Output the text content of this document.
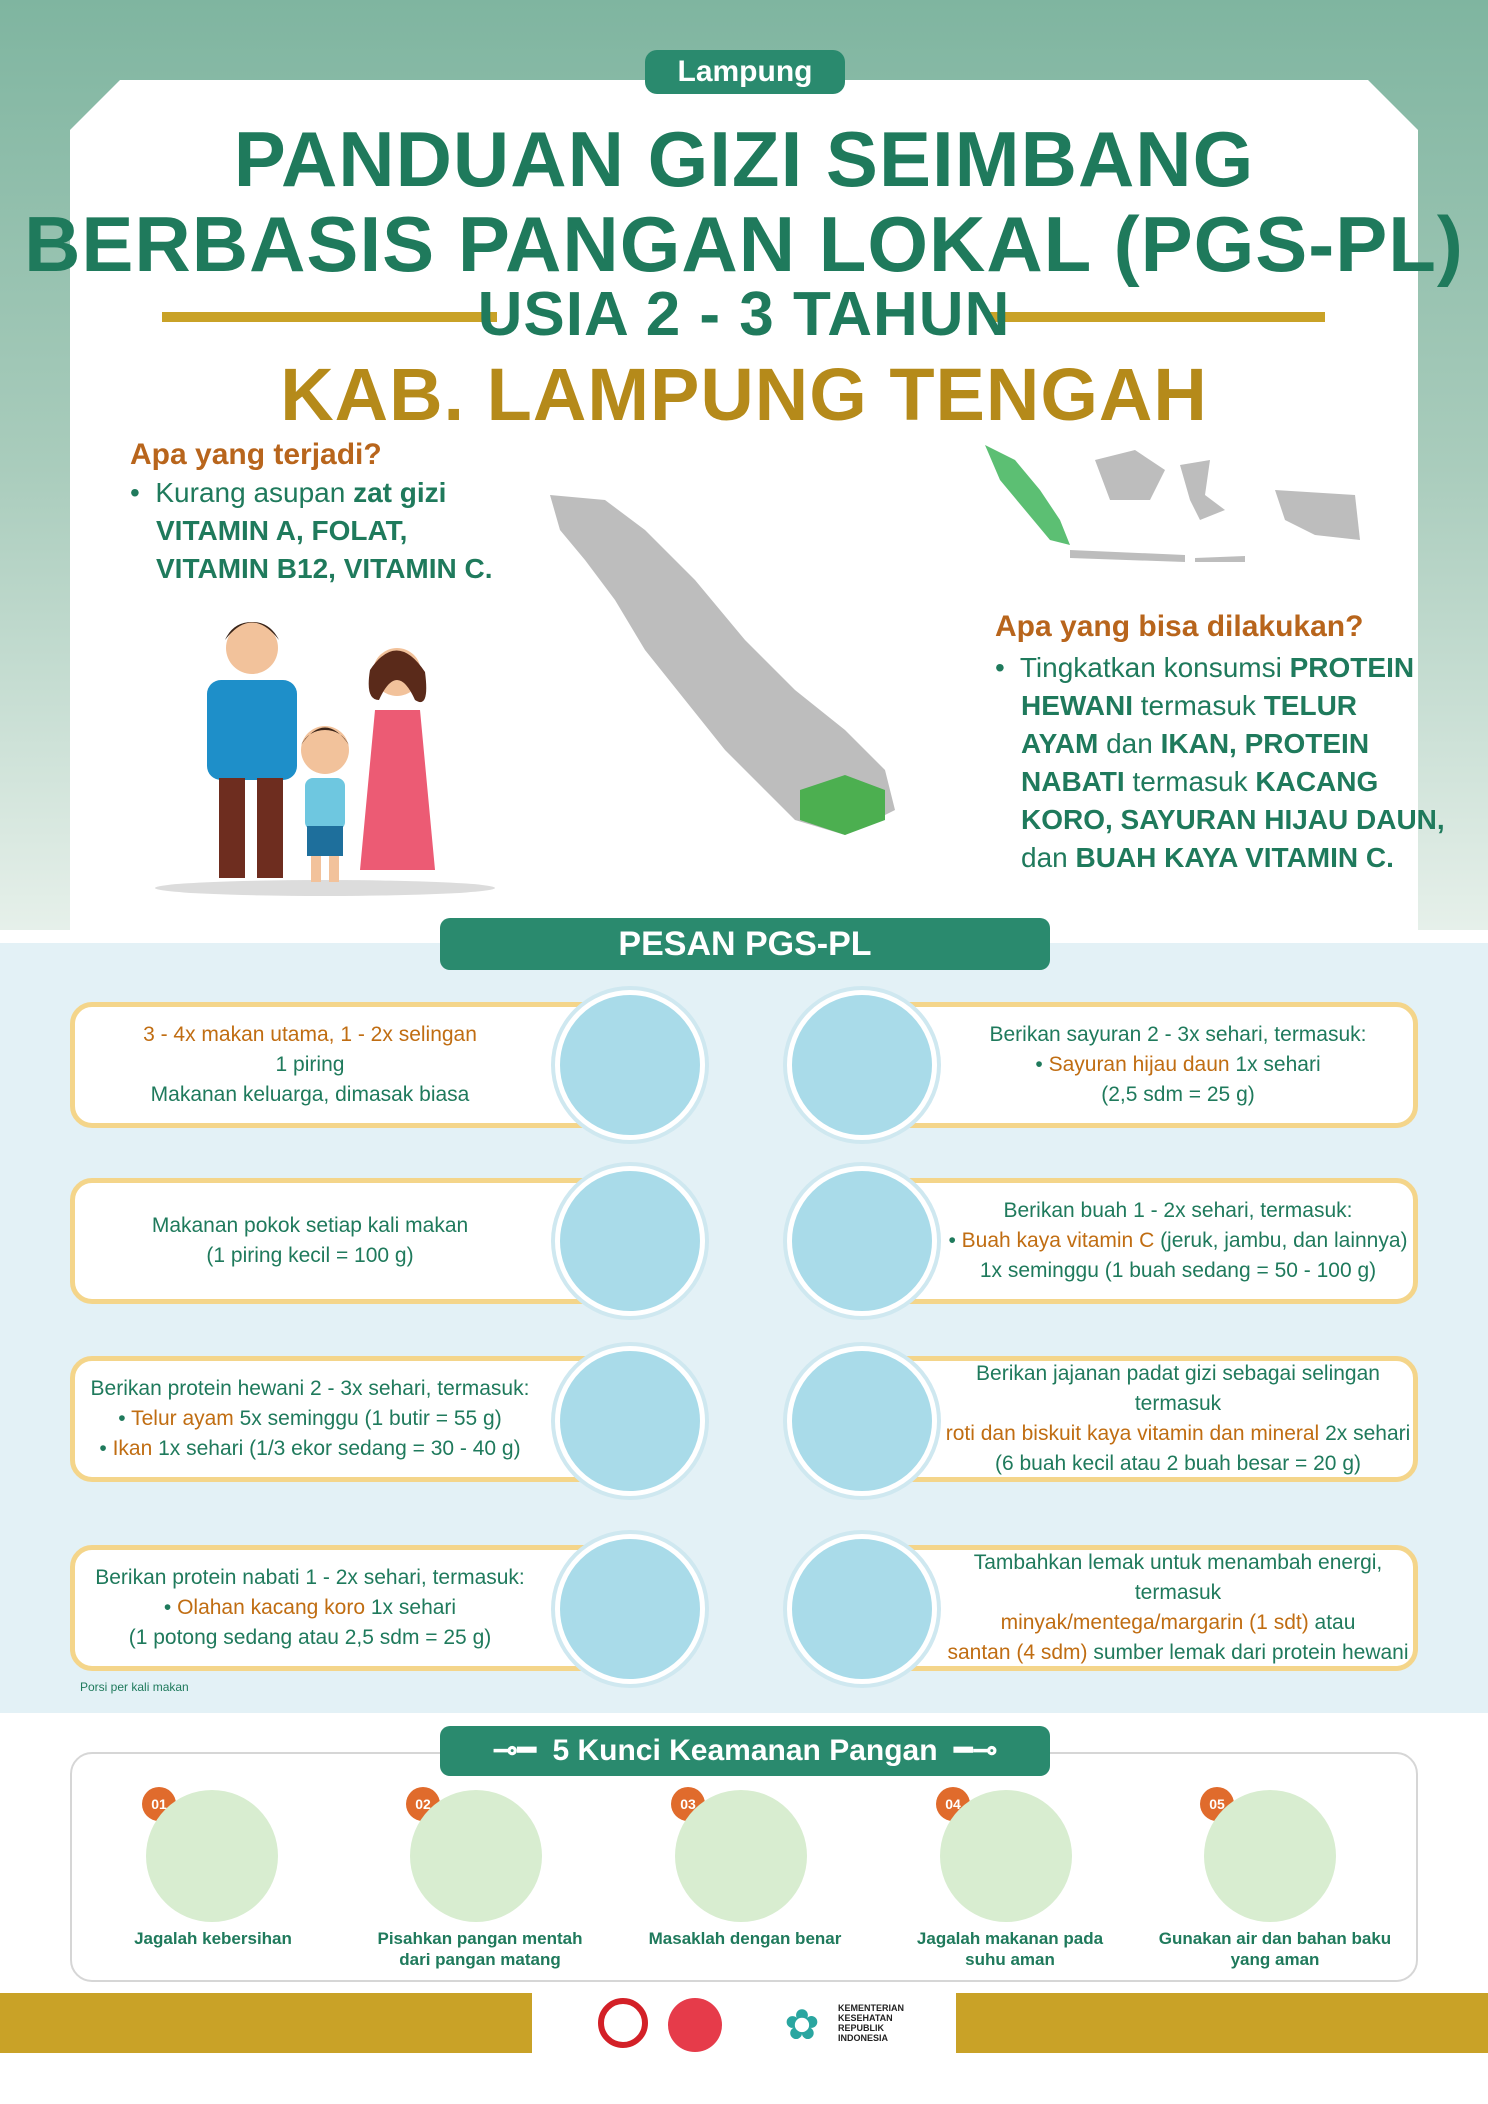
Lampung
PANDUAN GIZI SEIMBANG
BERBASIS PANGAN LOKAL (PGS-PL)
USIA 2 - 3 TAHUN
KAB. LAMPUNG TENGAH
Apa yang terjadi?
•  Kurang asupan zat gizi
VITAMIN A, FOLAT,
VITAMIN B12, VITAMIN C.
Apa yang bisa dilakukan?
•  Tingkatkan konsumsi PROTEIN
HEWANI termasuk TELUR
AYAM dan IKAN, PROTEIN
NABATI termasuk KACANG
KORO, SAYURAN HIJAU DAUN,
dan BUAH KAYA VITAMIN C.
PESAN PGS-PL
3 - 4x makan utama, 1 - 2x selingan
1 piring
Makanan keluarga, dimasak biasa
Makanan pokok setiap kali makan
(1 piring kecil = 100 g)
Berikan protein hewani 2 - 3x sehari, termasuk:
• Telur ayam 5x seminggu (1 butir = 55 g)
• Ikan 1x sehari (1/3 ekor sedang = 30 - 40 g)
Berikan protein nabati 1 - 2x sehari, termasuk:
• Olahan kacang koro 1x sehari
(1 potong sedang atau 2,5 sdm = 25 g)
Berikan sayuran 2 - 3x sehari, termasuk:
• Sayuran hijau daun 1x sehari
(2,5 sdm = 25 g)
Berikan buah 1 - 2x sehari, termasuk:
• Buah kaya vitamin C (jeruk, jambu, dan lainnya)
1x seminggu (1 buah sedang = 50 - 100 g)
Berikan jajanan padat gizi sebagai selingan termasuk
roti dan biskuit kaya vitamin dan mineral 2x sehari
(6 buah kecil atau 2 buah besar = 20 g)
Tambahkan lemak untuk menambah energi, termasuk
minyak/mentega/margarin (1 sdt) atau
santan (4 sdm) sumber lemak dari protein hewani
Porsi per kali makan
⊸━ 5 Kunci Keamanan Pangan ━⊸
01
Jagalah kebersihan
02
Pisahkan pangan mentah
dari pangan matang
03
Masaklah dengan benar
04
Jagalah makanan pada
suhu aman
05
Gunakan air dan bahan baku
yang aman
✿	KEMENTERIAN
KESEHATAN
REPUBLIK
INDONESIA
